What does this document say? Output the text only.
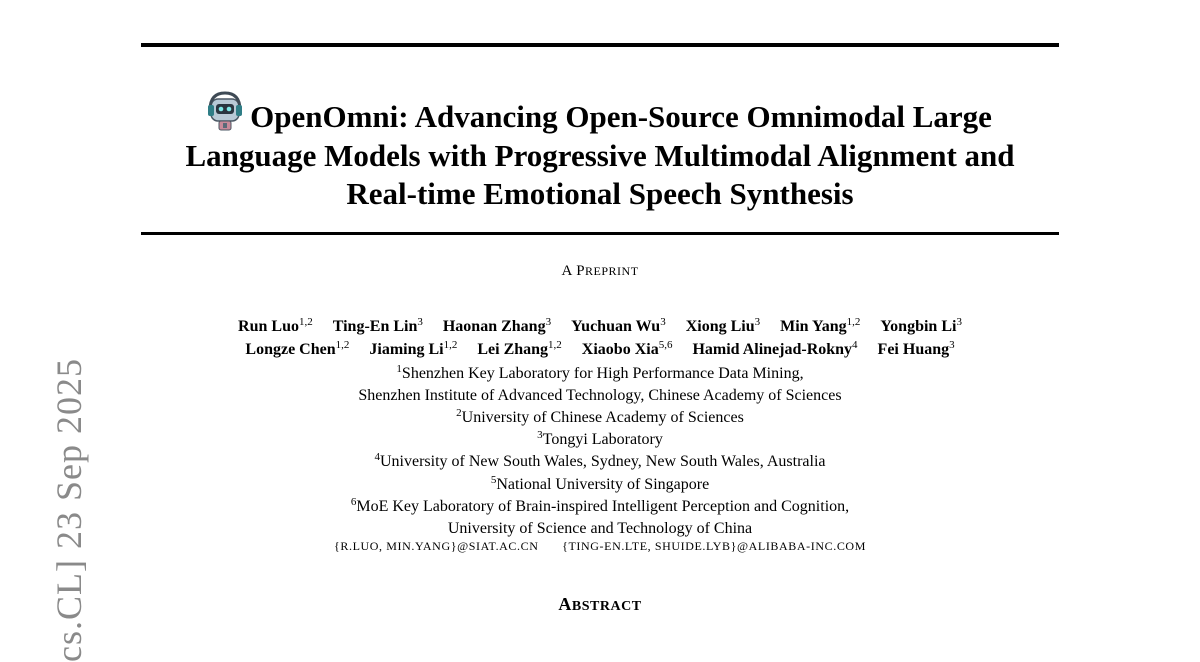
OpenOmni: Advancing Open-Source Omnimodal Large
Language Models with Progressive Multimodal Alignment and
Real-time Emotional Speech Synthesis
A PREPRINT
Run Luo$^{1,2}$ Ting-En Lin$^3$ Haonan Zhang$^3$ Yuchuan Wu$^3$ Xiong Liu$^3$ Min Yang$^{1,2}$ Yongbin Li$^3$
Longze Chen$^{1,2}$ Jiaming Li$^{1,2}$ Lei Zhang$^{1,2}$ Xiaobo Xia$^{5,6}$ Hamid Alinejad-Rokny$^4$ Fei Huang$^3$
$^1$Shenzhen Key Laboratory for High Performance Data Mining,
Shenzhen Institute of Advanced Technology, Chinese Academy of Sciences
$^2$University of Chinese Academy of Sciences
$^3$Tongyi Laboratory
$^4$University of New South Wales, Sydney, New South Wales, Australia
$^5$National University of Singapore
$^6$MoE Key Laboratory of Brain-inspired Intelligent Perception and Cognition,
University of Science and Technology of China
{R.LUO, MIN.YANG}@SIAT.AC.CN {TING-EN.LTE, SHUIDE.LYB}@ALIBABA-INC.COM
ABSTRACT
cs.CL] 23 Sep 2025
